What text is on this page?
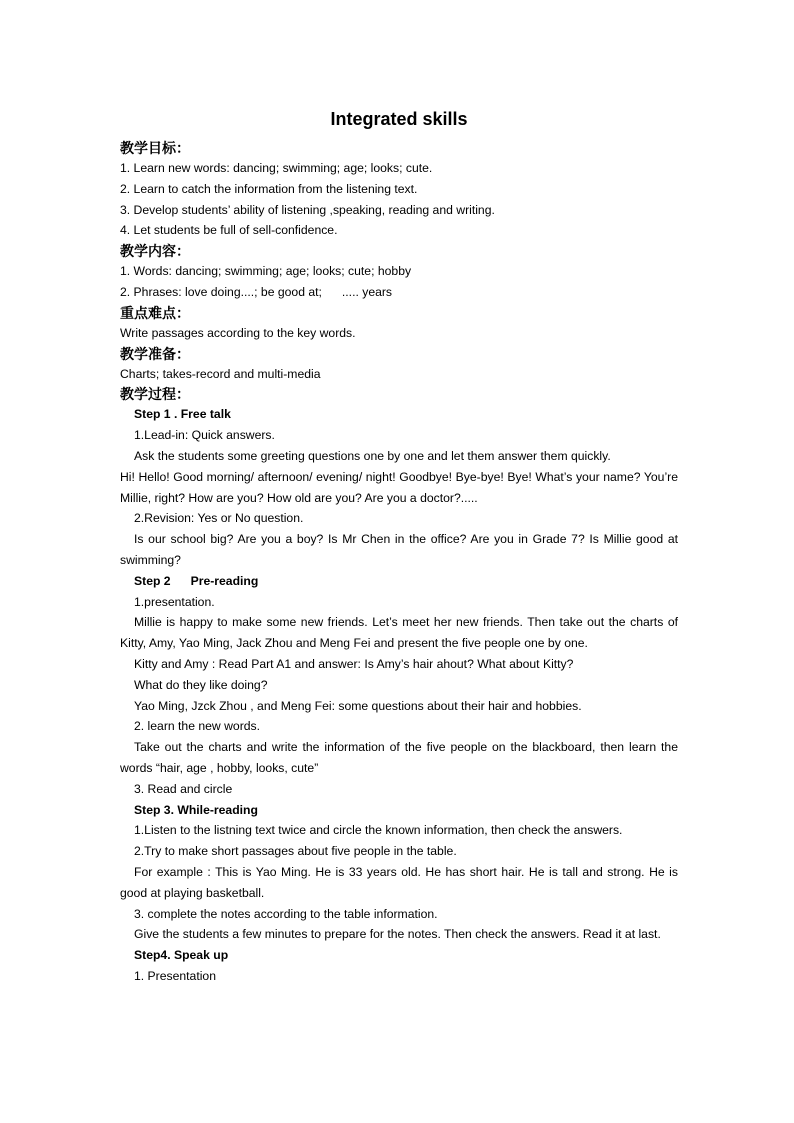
Integrated skills
教学目标：
1. Learn new words: dancing; swimming; age; looks; cute.
2. Learn to catch the information from the listening text.
3. Develop students’ ability of listening ,speaking, reading and writing.
4. Let students be full of sell-confidence.
教学内容：
1. Words: dancing; swimming; age; looks; cute; hobby
2. Phrases: love doing....; be good at; ..... years
重点难点：
Write passages according to the key words.
教学准备：
Charts; takes-record and multi-media
教学过程：
Step 1 . Free talk
1.Lead-in: Quick answers.
Ask the students some greeting questions one by one and let them answer them quickly.
Hi! Hello! Good morning/ afternoon/ evening/ night! Goodbye! Bye-bye! Bye! What’s your name? You’re Millie, right? How are you? How old are you? Are you a doctor?.....
2.Revision: Yes or No question.
Is our school big? Are you a boy? Is Mr Chen in the office? Are you in Grade 7? Is Millie good at swimming?
Step 2 Pre-reading
1.presentation.
Millie is happy to make some new friends. Let’s meet her new friends. Then take out the charts of Kitty, Amy, Yao Ming, Jack Zhou and Meng Fei and present the five people one by one.
Kitty and Amy : Read Part A1 and answer: Is Amy’s hair ahout? What about Kitty?
What do they like doing?
Yao Ming, Jzck Zhou , and Meng Fei: some questions about their hair and hobbies.
2. learn the new words.
Take out the charts and write the information of the five people on the blackboard, then learn the words “hair, age , hobby, looks, cute”
3. Read and circle
Step 3. While-reading
1.Listen to the listning text twice and circle the known information, then check the answers.
2.Try to make short passages about five people in the table.
For example : This is Yao Ming. He is 33 years old. He has short hair. He is tall and strong. He is good at playing basketball.
3. complete the notes according to the table information.
Give the students a few minutes to prepare for the notes. Then check the answers. Read it at last.
Step4. Speak up
1. Presentation
